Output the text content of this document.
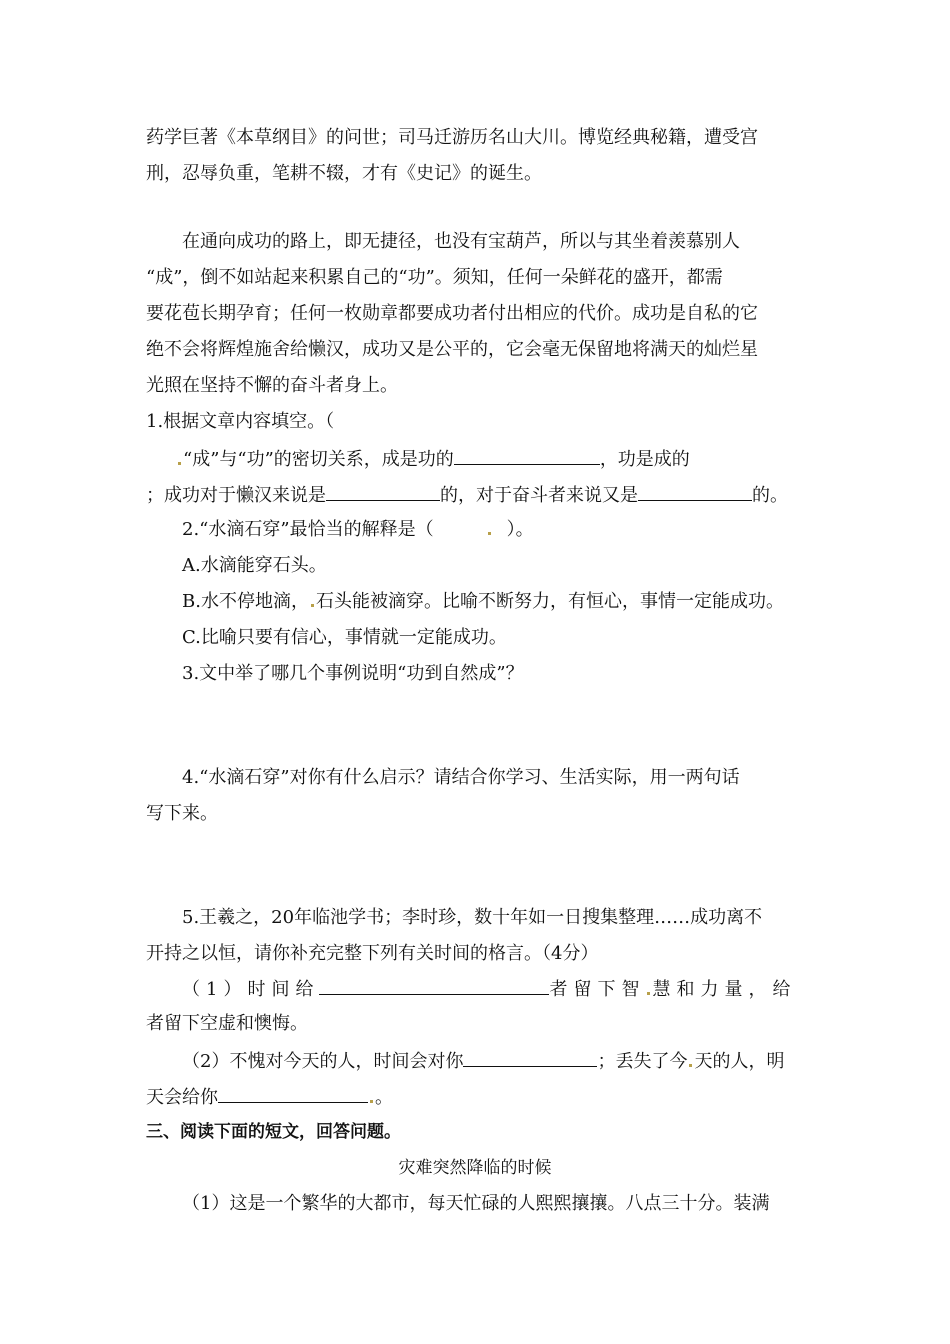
药学巨著《本草纲目》的问世；司马迁游历名山大川。博览经典秘籍，遭受宫
刑，忍辱负重，笔耕不辍，才有《史记》的诞生。
在通向成功的路上，即无捷径，也没有宝葫芦，所以与其坐着羡慕别人
“成”，倒不如站起来积累自己的“功”。须知，任何一朵鲜花的盛开，都需
要花苞长期孕育；任何一枚勋章都要成功者付出相应的代价。成功是自私的它
绝不会将辉煌施舍给懒汉，成功又是公平的，它会毫无保留地将满天的灿烂星
光照在坚持不懈的奋斗者身上。
1.根据文章内容填空。（
“成”与“功”的密切关系，成是功的	，功是成的
；成功对于懒汉来说是	的，对于奋斗者来说又是	的。
2.“水滴石穿”最恰当的解释是（	）。
A.水滴能穿石头。
B.水不停地滴， 石头能被滴穿。比喻不断努力，有恒心，事情一定能成功。
C.比喻只要有信心，事情就一定能成功。
3.文中举了哪几个事例说明“功到自然成”？
4.“水滴石穿”对你有什么启示？请结合你学习、生活实际，用一两句话
写下来。
5.王羲之，20年临池学书；李时珍，数十年如一日搜集整理……成功离不
开持之以恒，请你补充完整下列有关时间的格言。（4分）
（1）时间给	者留下智 慧和力量，给
者留下空虚和懊悔。
（2）不愧对今天的人，时间会对你	；丢失了今 天的人，明
天会给你	。
三、阅读下面的短文，回答问题。
灾难突然降临的时候
（1）这是一个繁华的大都市，每天忙碌的人熙熙攘攘。八点三十分。装满
